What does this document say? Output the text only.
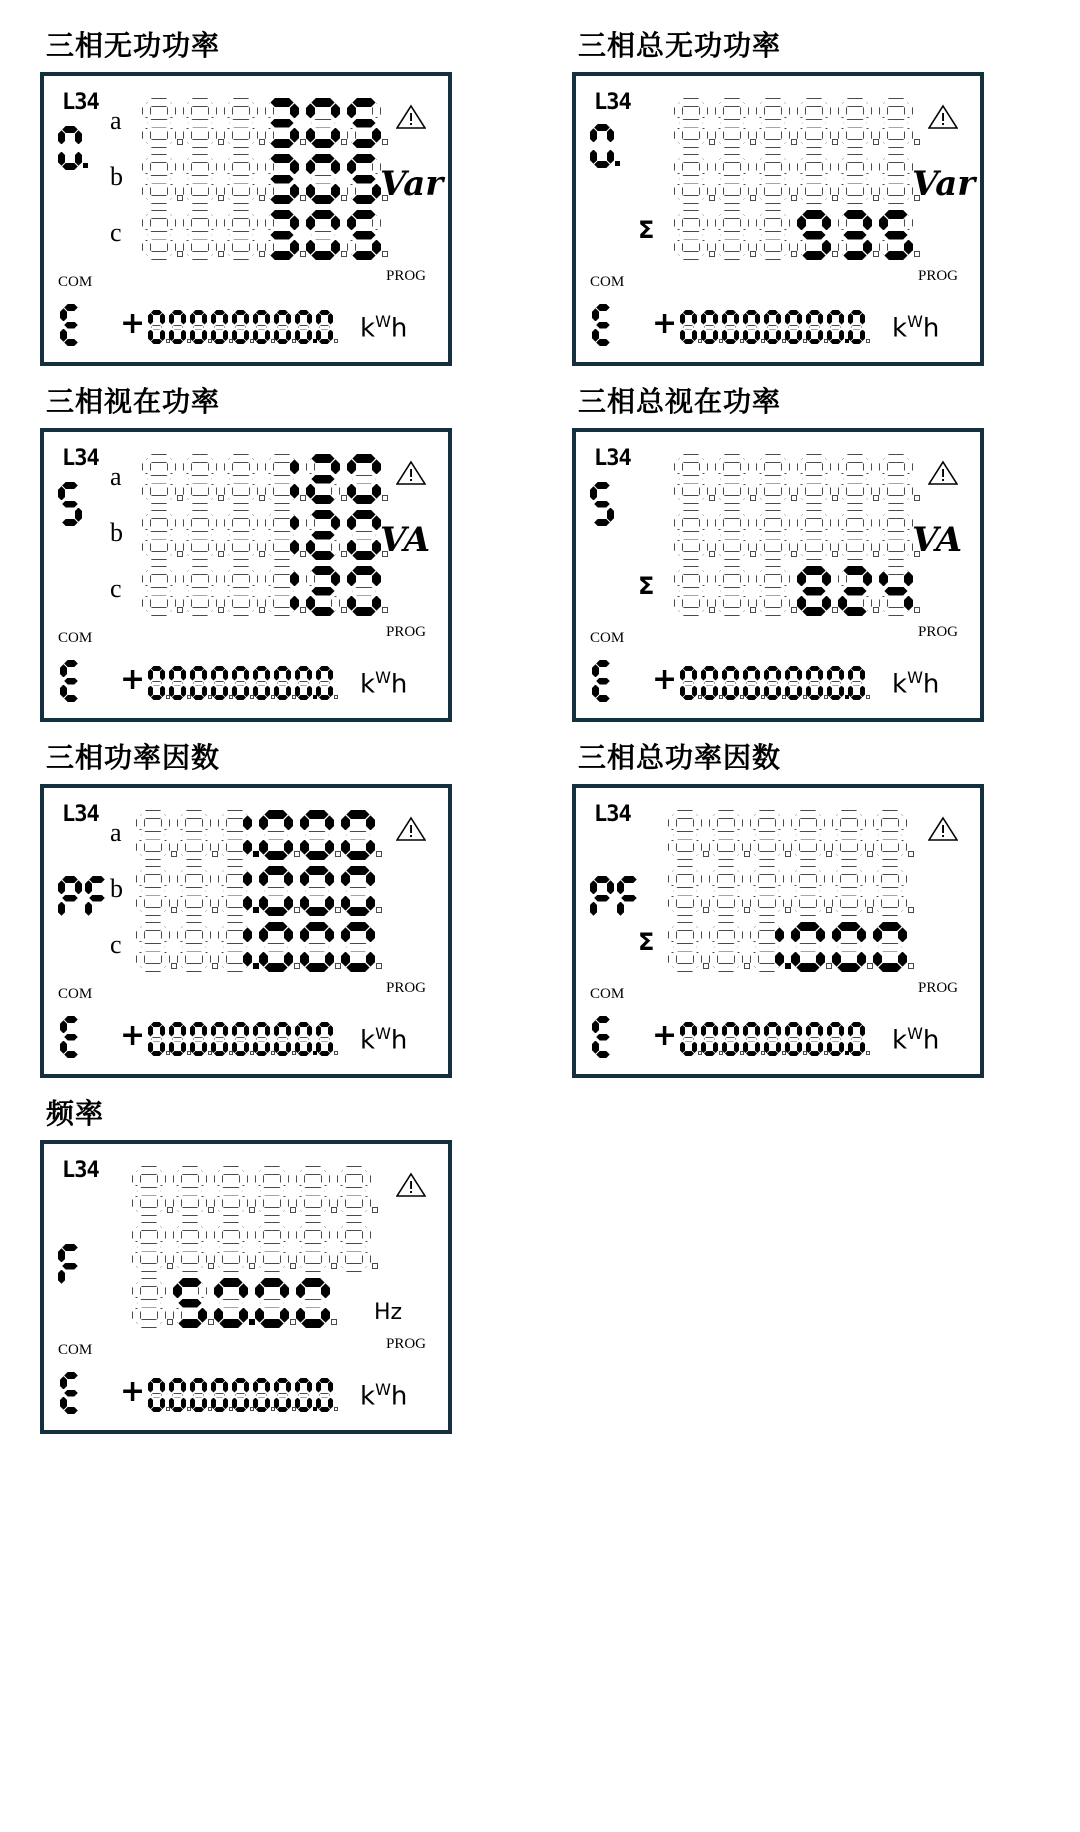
三相无功功率
L34
COM	PROG
a
b
c
Var
+	$k^Wh$
三相总无功功率
L34
COM	PROG
Σ
Var
+	$k^Wh$
三相视在功率
L34
COM	PROG
a
b
c
VA
+	$k^Wh$
三相总视在功率
L34
COM	PROG
Σ
VA
+	$k^Wh$
三相功率因数
L34
COM	PROG
a
b
c
+	$k^Wh$
三相总功率因数
L34
COM	PROG
Σ
+	$k^Wh$
频率
L34
COM	PROG
Hz
+	$k^Wh$
